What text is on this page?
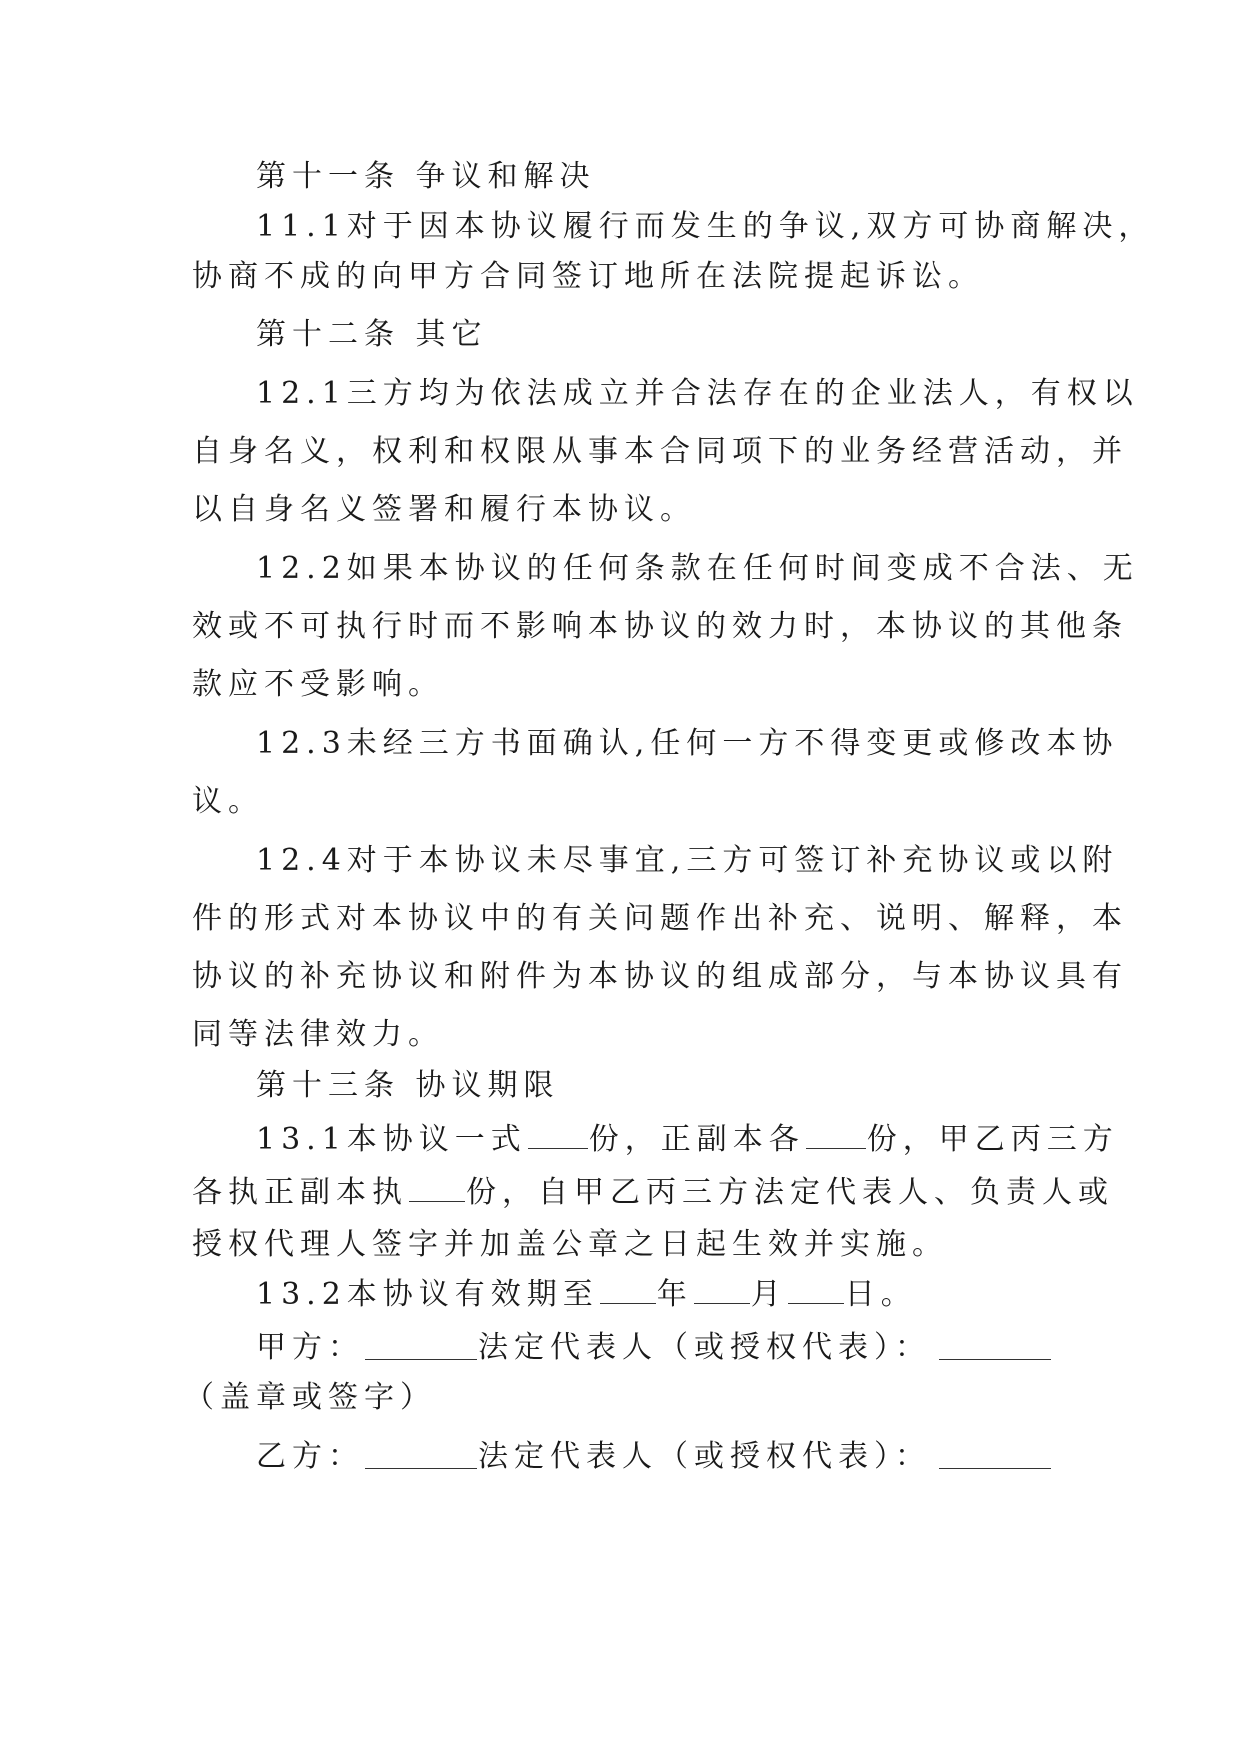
第十一条 争议和解决
11.1对于因本协议履行而发生的争议,双方可协商解决，
协商不成的向甲方合同签订地所在法院提起诉讼。
第十二条 其它
12.1三方均为依法成立并合法存在的企业法人，有权以
自身名义，权利和权限从事本合同项下的业务经营活动，并
以自身名义签署和履行本协议。
12.2如果本协议的任何条款在任何时间变成不合法、无
效或不可执行时而不影响本协议的效力时，本协议的其他条
款应不受影响。
12.3未经三方书面确认,任何一方不得变更或修改本协
议。
12.4对于本协议未尽事宜,三方可签订补充协议或以附
件的形式对本协议中的有关问题作出补充、说明、解释，本
协议的补充协议和附件为本协议的组成部分，与本协议具有
同等法律效力。
第十三条 协议期限
13.1本协议一式 份，正副本各 份，甲乙丙三方
各执正副本执 份，自甲乙丙三方法定代表人、负责人或
授权代理人签字并加盖公章之日起生效并实施。
13.2本协议有效期至 年 月 日。
甲方：	法定代表人（或授权代表）：
（盖章或签字）
乙方：	法定代表人（或授权代表）：
